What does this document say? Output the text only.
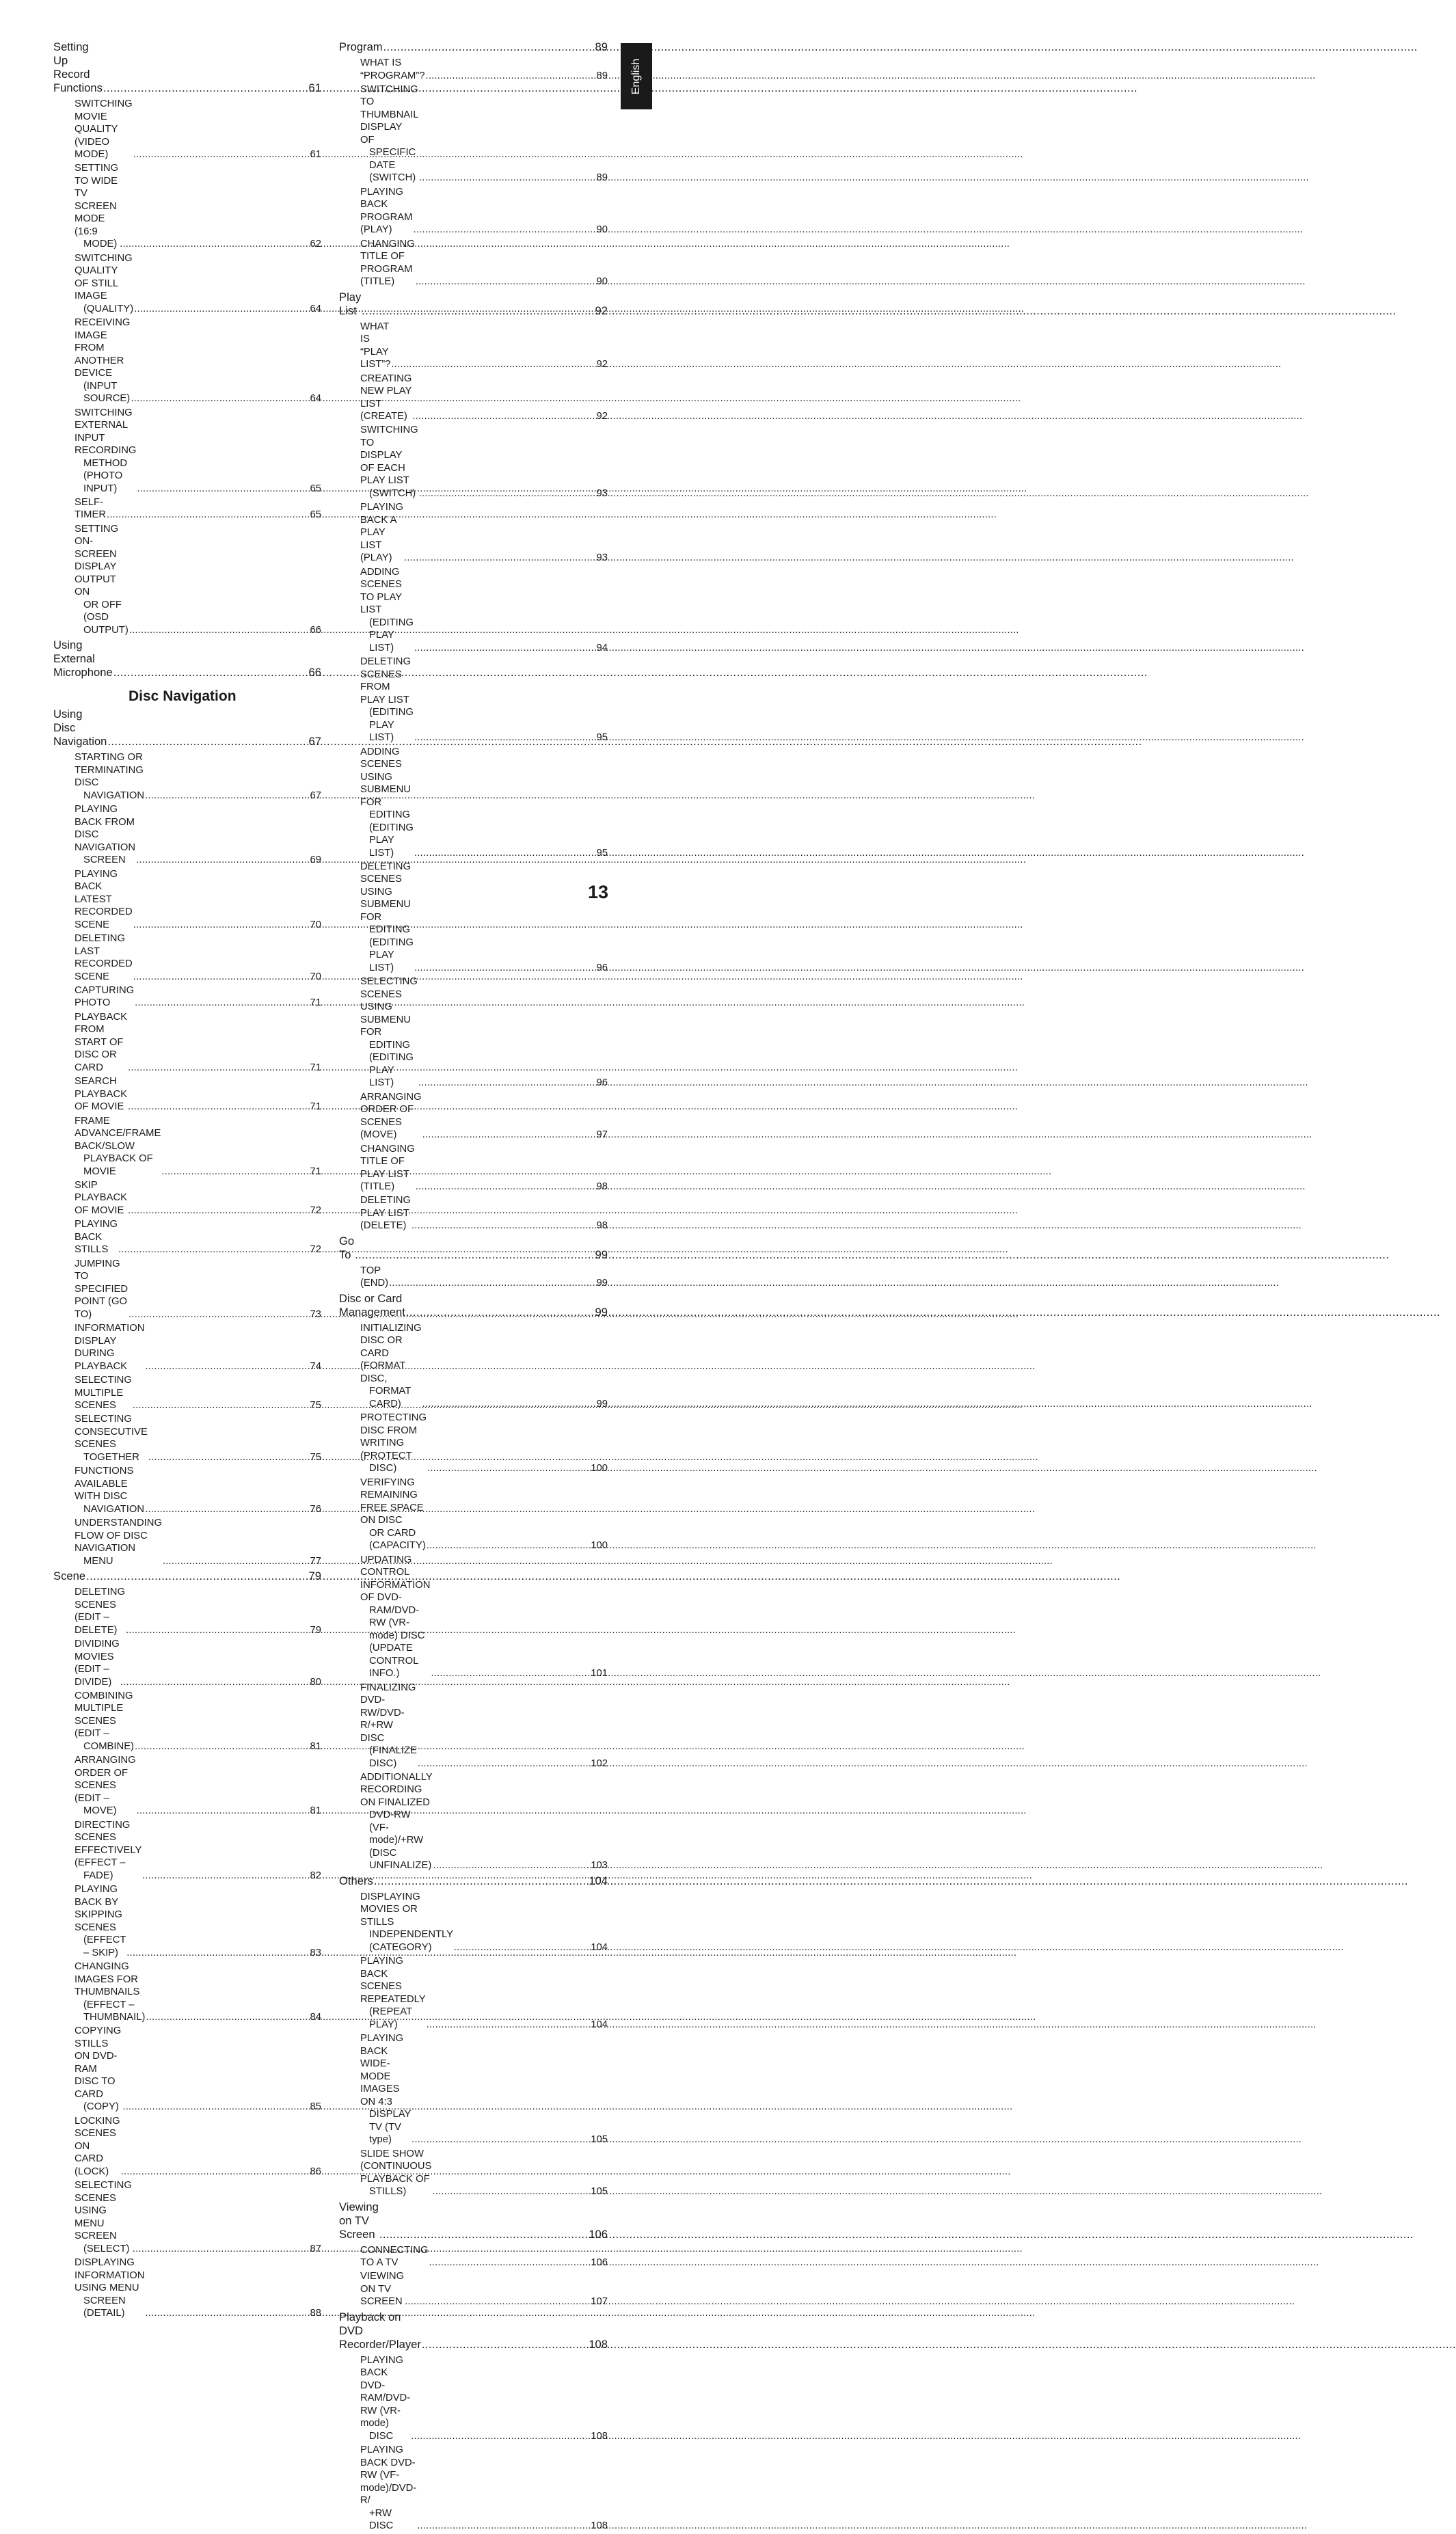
Setting Up Record Functions .....	61
SWITCHING MOVIE QUALITY (VIDEO MODE) .....	61
SETTING TO WIDE TV SCREEN MODE (16:9
MODE) .....	62
SWITCHING QUALITY OF STILL IMAGE
(QUALITY) .....	64
RECEIVING IMAGE FROM ANOTHER DEVICE
(INPUT SOURCE) .....	64
SWITCHING EXTERNAL INPUT RECORDING
METHOD (PHOTO INPUT) .....	65
SELF-TIMER .....	65
SETTING ON-SCREEN DISPLAY OUTPUT ON
OR OFF (OSD OUTPUT) .....	66
Using External Microphone .....	66
Disc Navigation
Using Disc Navigation .....	67
STARTING OR TERMINATING DISC
NAVIGATION .....	67
PLAYING BACK FROM DISC NAVIGATION
SCREEN .....	69
PLAYING BACK LATEST RECORDED SCENE .....	70
DELETING LAST RECORDED SCENE .....	70
CAPTURING PHOTO .....	71
PLAYBACK FROM START OF DISC OR CARD .....	71
SEARCH PLAYBACK OF MOVIE .....	71
FRAME ADVANCE/FRAME BACK/SLOW
PLAYBACK OF MOVIE .....	71
SKIP PLAYBACK OF MOVIE .....	72
PLAYING BACK STILLS .....	72
JUMPING TO SPECIFIED POINT (GO TO) .....	73
INFORMATION DISPLAY DURING PLAYBACK .....	74
SELECTING MULTIPLE SCENES .....	75
SELECTING CONSECUTIVE SCENES
TOGETHER .....	75
FUNCTIONS AVAILABLE WITH DISC
NAVIGATION .....	76
UNDERSTANDING FLOW OF DISC NAVIGATION
MENU .....	77
Scene .....	79
DELETING SCENES (EDIT – DELETE) .....	79
DIVIDING MOVIES (EDIT – DIVIDE) .....	80
COMBINING MULTIPLE SCENES (EDIT –
COMBINE) .....	81
ARRANGING ORDER OF SCENES (EDIT –
MOVE) .....	81
DIRECTING SCENES EFFECTIVELY (EFFECT –
FADE) .....	82
PLAYING BACK BY SKIPPING SCENES
(EFFECT – SKIP) .....	83
CHANGING IMAGES FOR THUMBNAILS
(EFFECT – THUMBNAIL) .....	84
COPYING STILLS ON DVD-RAM DISC TO CARD
(COPY) .....	85
LOCKING SCENES ON CARD (LOCK) .....	86
SELECTING SCENES USING MENU SCREEN
(SELECT) .....	87
DISPLAYING INFORMATION USING MENU
SCREEN (DETAIL) .....	88
Program .....	89
WHAT IS “PROGRAM”? .....	89
SWITCHING TO THUMBNAIL DISPLAY OF
SPECIFIC DATE (SWITCH) .....	89
PLAYING BACK PROGRAM (PLAY) .....	90
CHANGING TITLE OF PROGRAM (TITLE) .....	90
Play List .....	92
WHAT IS “PLAY LIST”? .....	92
CREATING NEW PLAY LIST (CREATE) .....	92
SWITCHING TO DISPLAY OF EACH PLAY LIST
(SWITCH) .....	93
PLAYING BACK A PLAY LIST (PLAY) .....	93
ADDING SCENES TO PLAY LIST
(EDITING PLAY LIST) .....	94
DELETING SCENES FROM PLAY LIST
(EDITING PLAY LIST) .....	95
ADDING SCENES USING SUBMENU FOR
EDITING (EDITING PLAY LIST) .....	95
DELETING SCENES USING SUBMENU FOR
EDITING (EDITING PLAY LIST) .....	96
SELECTING SCENES USING SUBMENU FOR
EDITING (EDITING PLAY LIST) .....	96
ARRANGING ORDER OF SCENES (MOVE) .....	97
CHANGING TITLE OF PLAY LIST (TITLE) .....	98
DELETING PLAY LIST (DELETE) .....	98
Go To .....	99
TOP (END) .....	99
Disc or Card Management .....	99
INITIALIZING DISC OR CARD (FORMAT DISC,
FORMAT CARD) .....	99
PROTECTING DISC FROM WRITING (PROTECT
DISC) .....	100
VERIFYING REMAINING FREE SPACE ON DISC
OR CARD (CAPACITY) .....	100
UPDATING CONTROL INFORMATION OF DVD-
RAM/DVD-RW (VR-mode) DISC (UPDATE
CONTROL INFO.) .....	101
FINALIZING DVD-RW/DVD-R/+RW DISC
(FINALIZE DISC) .....	102
ADDITIONALLY RECORDING ON FINALIZED
DVD-RW (VF-mode)/+RW
(DISC UNFINALIZE) .....	103
Others .....	104
DISPLAYING MOVIES OR STILLS
INDEPENDENTLY (CATEGORY) .....	104
PLAYING BACK SCENES REPEATEDLY
(REPEAT PLAY) .....	104
PLAYING BACK WIDE-MODE IMAGES ON 4:3
DISPLAY TV (TV type) .....	105
SLIDE SHOW (CONTINUOUS PLAYBACK OF
STILLS) .....	105
Viewing on TV Screen .....	106
CONNECTING TO A TV .....	106
VIEWING ON TV SCREEN .....	107
Playback on DVD Recorder/Player .....	108
PLAYING BACK DVD-RAM/DVD-RW (VR-mode)
DISC .....	108
PLAYING BACK DVD-RW (VF-mode)/DVD-R/
+RW DISC .....	108
English
13
